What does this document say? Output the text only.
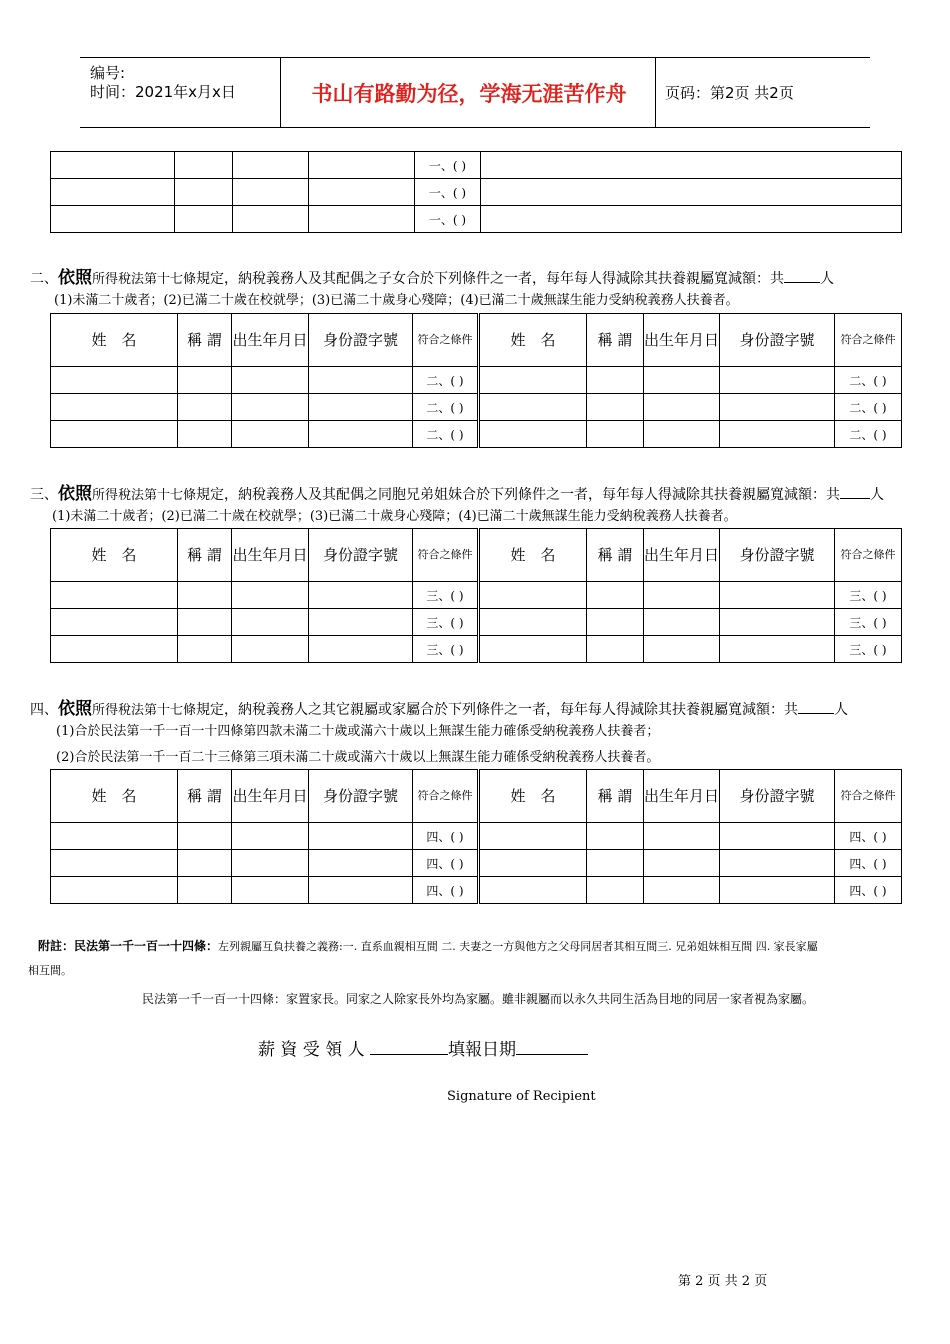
编号:
时间：2021年x月x日	书山有路勤为径，学海无涯苦作舟	页码：第2页 共2页
				一、( )	
				一、( )	
				一、( )	
二、依照所得稅法第十七條規定，納稅義務人及其配偶之子女合於下列條件之一者，每年每人得減除其扶養親屬寬減額：共	人
(1)未滿二十歲者；(2)已滿二十歲在校就學；(3)已滿二十歲身心殘障；(4)已滿二十歲無謀生能力受納稅義務人扶養者。
姓　名	稱 謂	出生年月日	身份證字號	符合之條件	姓　名	稱 謂	出生年月日	身份證字號	符合之條件
				二、( )					二、( )
				二、( )					二、( )
				二、( )					二、( )
三、依照所得稅法第十七條規定，納稅義務人及其配偶之同胞兄弟姐妹合於下列條件之一者，每年每人得減除其扶養親屬寬減額：共 人
(1)未滿二十歲者；(2)已滿二十歲在校就學；(3)已滿二十歲身心殘障；(4)已滿二十歲無謀生能力受納稅義務人扶養者。
姓　名	稱 謂	出生年月日	身份證字號	符合之條件	姓　名	稱 謂	出生年月日	身份證字號	符合之條件
				三、( )					三、( )
				三、( )					三、( )
				三、( )					三、( )
四、依照所得稅法第十七條規定，納稅義務人之其它親屬或家屬合於下列條件之一者，每年每人得減除其扶養親屬寬減額：共	人
(1)合於民法第一千一百一十四條第四款未滿二十歲或滿六十歲以上無謀生能力確係受納稅義務人扶養者；
(2)合於民法第一千一百二十三條第三項未滿二十歲或滿六十歲以上無謀生能力確係受納稅義務人扶養者。
姓　名	稱 謂	出生年月日	身份證字號	符合之條件	姓　名	稱 謂	出生年月日	身份證字號	符合之條件
				四、( )					四、( )
				四、( )					四、( )
				四、( )					四、( )
附註：民法第一千一百一十四條：左列親屬互負扶養之義務:一. 直系血親相互間 二. 夫妻之一方與他方之父母同居者其相互間三. 兄弟姐妹相互間 四. 家長家屬
相互間。
民法第一千一百一十四條：家置家長。同家之人除家長外均為家屬。雖非親屬而以永久共同生活為目地的同居一家者視為家屬。
薪 資 受 領 人	填報日期
Signature of Recipient
第 2 页 共 2 页
